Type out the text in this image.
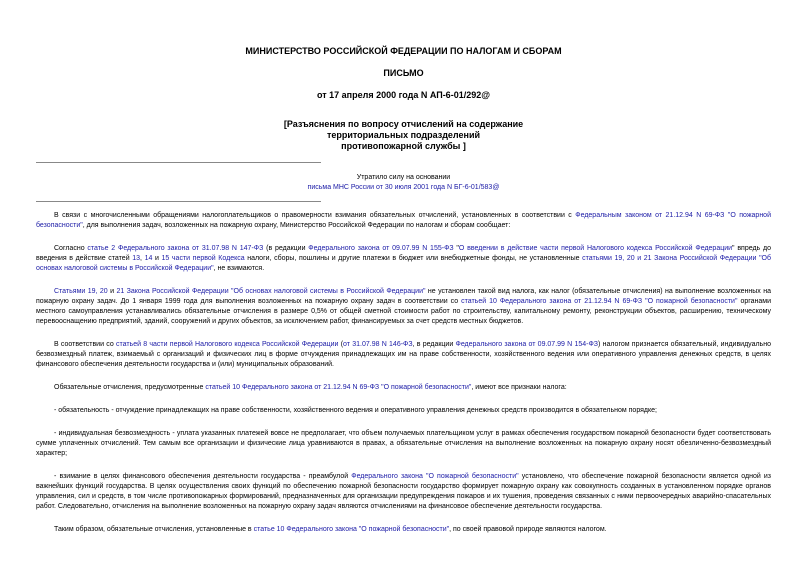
МИНИСТЕРСТВО РОССИЙСКОЙ ФЕДЕРАЦИИ ПО НАЛОГАМ И СБОРАМ
ПИСЬМО
от 17 апреля 2000 года N АП-6-01/292@
[Разъяснения по вопросу отчислений на содержание
территориальных подразделений
противопожарной службы ]
Утратило силу на основании
письма МНС России от 30 июля 2001 года N БГ-6-01/583@

В связи с многочисленными обращениями налогоплательщиков о правомерности взимания обязательных отчислений, установленных в соответствии с Федеральным законом от 21.12.94 N 69-ФЗ "О пожарной безопасности", для выполнения задач, возложенных на пожарную охрану, Министерство Российской Федерации по налогам и сборам сообщает:

Согласно статье 2 Федерального закона от 31.07.98 N 147-ФЗ (в редакции Федерального закона от 09.07.99 N 155-ФЗ "О введении в действие части первой Налогового кодекса Российской Федерации" впредь до введения в действие статей 13, 14 и 15 части первой Кодекса налоги, сборы, пошлины и другие платежи в бюджет или внебюджетные фонды, не установленные статьями 19, 20 и 21 Закона Российской Федерации "Об основах налоговой системы в Российской Федерации", не взимаются.

Статьями 19, 20 и 21 Закона Российской Федерации "Об основах налоговой системы в Российской Федерации" не установлен такой вид налога, как налог (обязательные отчисления) на выполнение возложенных на пожарную охрану задач. До 1 января 1999 года для выполнения возложенных на пожарную охрану задач в соответствии со статьей 10 Федерального закона от 21.12.94 N 69-ФЗ "О пожарной безопасности" органами местного самоуправления устанавливались обязательные отчисления в размере 0,5% от общей сметной стоимости работ по строительству, капитальному ремонту, реконструкции объектов, расширению, техническому перевооснащению предприятий, зданий, сооружений и других объектов, за исключением работ, финансируемых за счет средств местных бюджетов.

В соответствии со статьей 8 части первой Налогового кодекса Российской Федерации (от 31.07.98 N 146-ФЗ, в редакции Федерального закона от 09.07.99 N 154-ФЗ) налогом признается обязательный, индивидуально безвозмездный платеж, взимаемый с организаций и физических лиц в форме отчуждения принадлежащих им на праве собственности, хозяйственного ведения или оперативного управления денежных средств, в целях финансового обеспечения деятельности государства и (или) муниципальных образований.

Обязательные отчисления, предусмотренные статьей 10 Федерального закона от 21.12.94 N 69-ФЗ "О пожарной безопасности", имеют все признаки налога:

- обязательность - отчуждение принадлежащих на праве собственности, хозяйственного ведения и оперативного управления денежных средств производится в обязательном порядке;

- индивидуальная безвозмездность - уплата указанных платежей вовсе не предполагает, что объем получаемых плательщиком услуг в рамках обеспечения государством пожарной безопасности будет соответствовать сумме уплаченных отчислений. Тем самым все организации и физические лица уравниваются в правах, а обязательные отчисления на выполнение возложенных на пожарную охрану носят обезличенно-безвозмездный характер;

- взимание в целях финансового обеспечения деятельности государства - преамбулой Федерального закона "О пожарной безопасности" установлено, что обеспечение пожарной безопасности является одной из важнейших функций государства. В целях осуществления своих функций по обеспечению пожарной безопасности государство формирует пожарную охрану как совокупность созданных в установленном порядке органов управления, сил и средств, в том числе противопожарных формирований, предназначенных для организации предупреждения пожаров и их тушения, проведения связанных с ними первоочередных аварийно-спасательных работ. Следовательно, отчисления на выполнение возложенных на пожарную охрану задач являются отчислениями на финансовое обеспечение деятельности государства.

Таким образом, обязательные отчисления, установленные в статье 10 Федерального закона "О пожарной безопасности", по своей правовой природе являются налогом.
